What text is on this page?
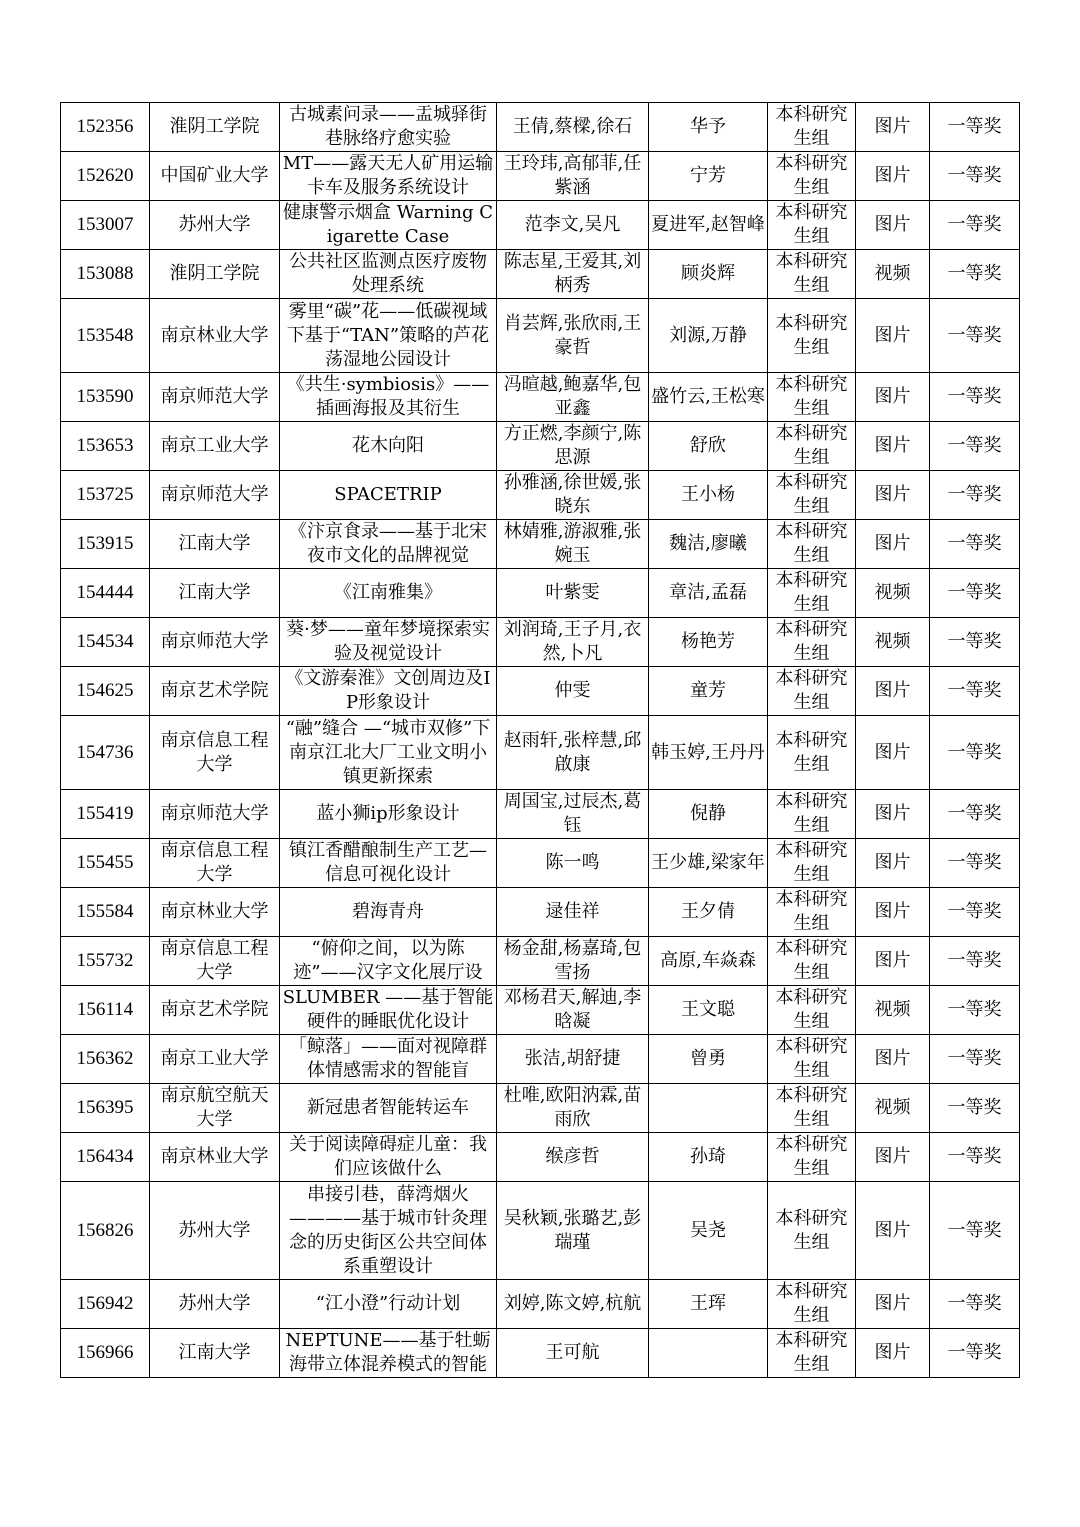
152356	淮阴工学院	古城素问录——盂城驿街巷脉络疗愈实验	王倩,蔡樑,徐石	华予	本科研究生组	图片	一等奖

152620	中国矿业大学	MT——露天无人矿用运输卡车及服务系统设计	王玲玮,高郁菲,任紫涵	宁芳	本科研究生组	图片	一等奖

153007	苏州大学	健康警示烟盒 Warning Cigarette Case	范李文,吴凡	夏进军,赵智峰	本科研究生组	图片	一等奖

153088	淮阴工学院	公共社区监测点医疗废物处理系统	陈志星,王爱其,刘柄秀	顾炎辉	本科研究生组	视频	一等奖

153548	南京林业大学	雾里“碳”花——低碳视域下基于“TAN”策略的芦花荡湿地公园设计	肖芸辉,张欣雨,王豪哲	刘源,万静	本科研究生组	图片	一等奖

153590	南京师范大学	《共生·symbiosis》——插画海报及其衍生	冯暄越,鲍嘉华,包亚鑫	盛竹云,王松寒	本科研究生组	图片	一等奖

153653	南京工业大学	花木向阳	方正燃,李颜宁,陈思源	舒欣	本科研究生组	图片	一等奖

153725	南京师范大学	SPACETRIP	孙雅涵,徐世媛,张晓东	王小杨	本科研究生组	图片	一等奖

153915	江南大学	《汴京食录——基于北宋夜市文化的品牌视觉	林婧雅,游淑雅,张婉玉	魏洁,廖曦	本科研究生组	图片	一等奖

154444	江南大学	《江南雅集》	叶紫雯	章洁,孟磊	本科研究生组	视频	一等奖

154534	南京师范大学	葵·梦——童年梦境探索实验及视觉设计	刘润琦,王子月,衣然,卜凡	杨艳芳	本科研究生组	视频	一等奖

154625	南京艺术学院	《文游秦淮》文创周边及IP形象设计	仲雯	童芳	本科研究生组	图片	一等奖

154736	南京信息工程大学	“融”缝合 —“城市双修”下南京江北大厂工业文明小镇更新探索	赵雨轩,张梓慧,邱啟康	韩玉婷,王丹丹	本科研究生组	图片	一等奖

155419	南京师范大学	蓝小狮ip形象设计	周国宝,过辰杰,葛钰	倪静	本科研究生组	图片	一等奖

155455	南京信息工程大学	镇江香醋酿制生产工艺—信息可视化设计	陈一鸣	王少雄,梁家年	本科研究生组	图片	一等奖

155584	南京林业大学	碧海青舟	逯佳祥	王夕倩	本科研究生组	图片	一等奖

155732	南京信息工程大学	“俯仰之间，以为陈迹”——汉字文化展厅设	杨金甜,杨嘉琦,包雪扬	高原,车焱森	本科研究生组	图片	一等奖

156114	南京艺术学院	SLUMBER ——基于智能硬件的睡眠优化设计	邓杨君天,解迪,李晗凝	王文聪	本科研究生组	视频	一等奖

156362	南京工业大学	「鲸落」——面对视障群体情感需求的智能盲	张洁,胡舒捷	曾勇	本科研究生组	图片	一等奖

156395	南京航空航天大学	新冠患者智能转运车	杜唯,欧阳汭霖,苗雨欣		本科研究生组	视频	一等奖

156434	南京林业大学	关于阅读障碍症儿童：我们应该做什么	缑彦哲	孙琦	本科研究生组	图片	一等奖

156826	苏州大学	串接引巷，薛湾烟火————基于城市针灸理念的历史街区公共空间体系重塑设计	吴秋颖,张璐艺,彭瑞瑾	吴尧	本科研究生组	图片	一等奖

156942	苏州大学	“江小澄”行动计划	刘婷,陈文婷,杭航	王珲	本科研究生组	图片	一等奖

156966	江南大学	NEPTUNE——基于牡蛎海带立体混养模式的智能	王可航		本科研究生组	图片	一等奖
